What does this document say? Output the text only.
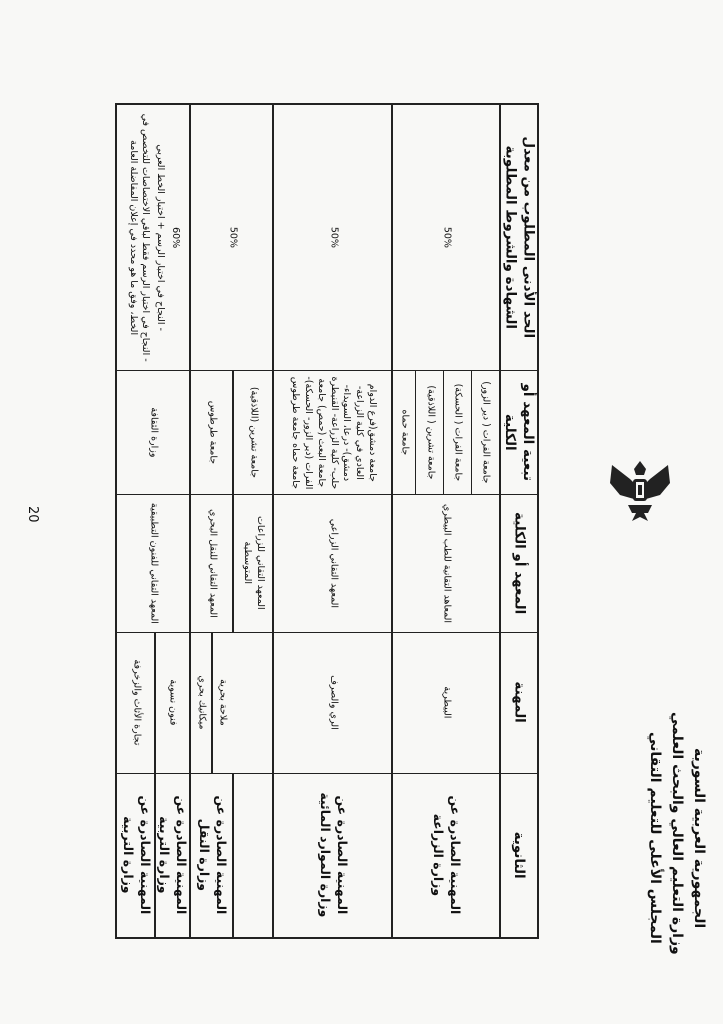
الجمهورية العربية السورية
وزارة التعليم العالي والبحث العلمي
المجلس الأعلى للتعليم التقاني
20
الثانوية
المهنة
المعهد أو الكلية
تبعية المعهد أو الكلية
الحد الأدنى المطلوب من معدل الشهادة والشروط المطلوبة
المهنية الصادرة عن وزارة الزراعة
البيطرية
المعاهد التقانية للطب البيطري
جامعة الفرات ( دير الزور)
جامعة الفرات ( الحسكة)
جامعة تشرين ( اللاذقية)
جامعة حماه
50%
المهنية الصادرة عن وزارة الموارد المائية
الري والصرف
المعهد التقاني الزراعي
جامعة دمشق(فرع الدوام العادي في كلية الزراعة- دمشق)- درعا، السويداء- حلب- كلية الزراعة- القنيطرة جامعة البعث (حمص) جامعة الفرات (دير الزور- الحسكة)- جامعة حماه جامعة طرطوس
50%
المعهد التقاني للزراعات المتوسطية
جامعة تشرين (اللاذقية)
المهنية الصادرة عن وزارة النقل
ملاحة بحرية
ميكانيك بحري
المعهد التقاني للنقل البحري
جامعة طرطوس
50%
المهنية الصادرة عن وزارة التربية
فنون نسوية
المعهد التقاني للفنون التطبيقية
وزارة الثقافة
60%
- النجاح في اختبار الرسم + اختبار الخط العربي
- النجاح في اختبار الرسم فقط لباقي الاختصاصات للتخصص في الخط، وفق ما هو محدد في إعلان المفاضلة العامة
المهنية الصادرة عن وزارة التربية
تجارة الأثاث والزخرفة
